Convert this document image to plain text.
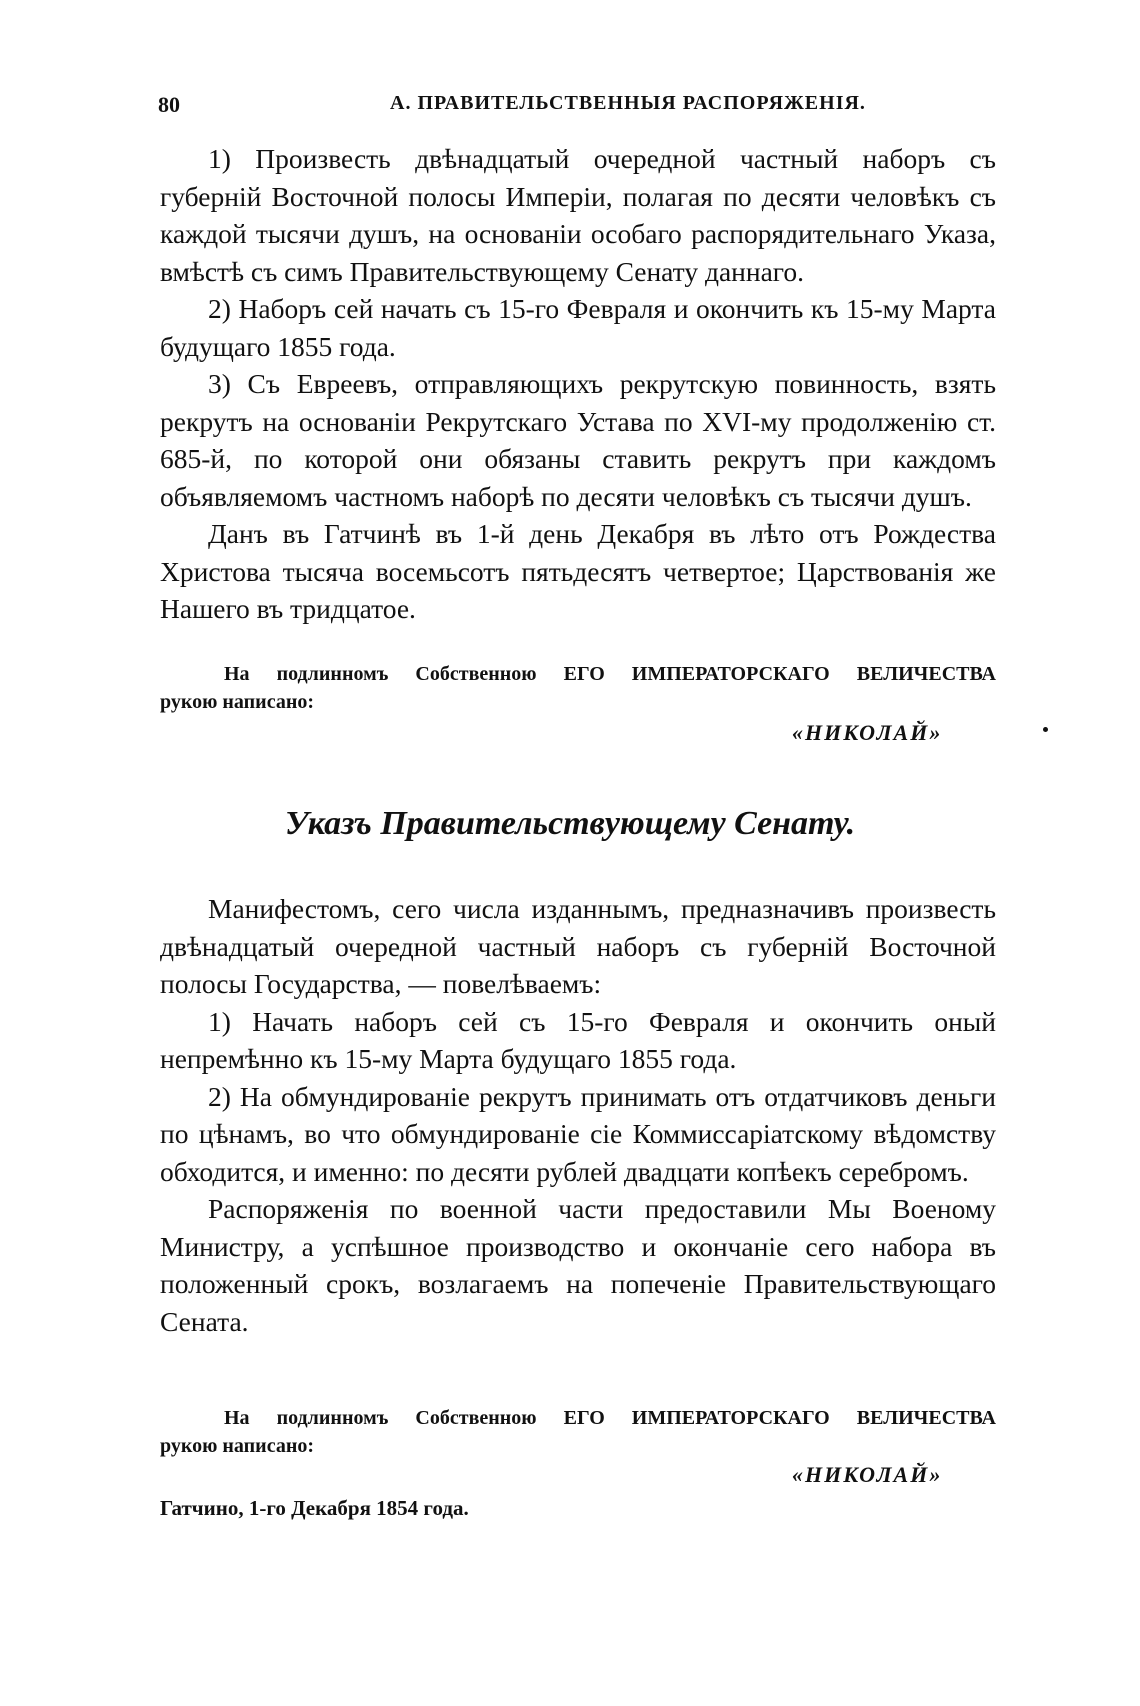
80	А. ПРАВИТЕЛЬСТВЕННЫЯ РАСПОРЯЖЕНІЯ.

1) Произвесть двѣнадцатый очередной частный наборъ съ губерній Восточной полосы Имперіи, полагая по десяти человѣкъ съ каждой тысячи душъ, на основаніи особаго распорядительнаго Указа, вмѣстѣ съ симъ Правительствующему Сенату даннаго.

2) Наборъ сей начать съ 15-го Февраля и окончить къ 15-му Марта будущаго 1855 года.

3) Съ Евреевъ, отправляющихъ рекрутскую повинность, взять рекрутъ на основаніи Рекрутскаго Устава по XVI-му продолженію ст. 685-й, по которой они обязаны ставить рекрутъ при каждомъ объявляемомъ частномъ наборѣ по десяти человѣкъ съ тысячи душъ.

Данъ въ Гатчинѣ въ 1-й день Декабря въ лѣто отъ Рождества Христова тысяча восемьсотъ пятьдесятъ четвертое; Царствованія же Нашего въ тридцатое.

На подлинномъ Собственною ЕГО ИМПЕРАТОРСКАГО ВЕЛИЧЕСТВА
рукою написано:
«НИКОЛАЙ»
Указъ Правительствующему Сенату.

Манифестомъ, сего числа изданнымъ, предназначивъ произвесть двѣнадцатый очередной частный наборъ съ губерній Восточной полосы Государства, — повелѣваемъ:

1) Начать наборъ сей съ 15-го Февраля и окончить оный непремѣнно къ 15-му Марта будущаго 1855 года.

2) На обмундированіе рекрутъ принимать отъ отдатчиковъ деньги по цѣнамъ, во что обмундированіе сіе Коммиссаріатскому вѣдомству обходится, и именно: по десяти рублей двадцати копѣекъ серебромъ.

Распоряженія по военной части предоставили Мы Военому Министру, а успѣшное производство и окончаніе сего набора въ положенный срокъ, возлагаемъ на попеченіе Правительствующаго Сената.

На подлинномъ Собственною ЕГО ИМПЕРАТОРСКАГО ВЕЛИЧЕСТВА
рукою написано:
«НИКОЛАЙ»
Гатчино, 1-го Декабря 1854 года.
